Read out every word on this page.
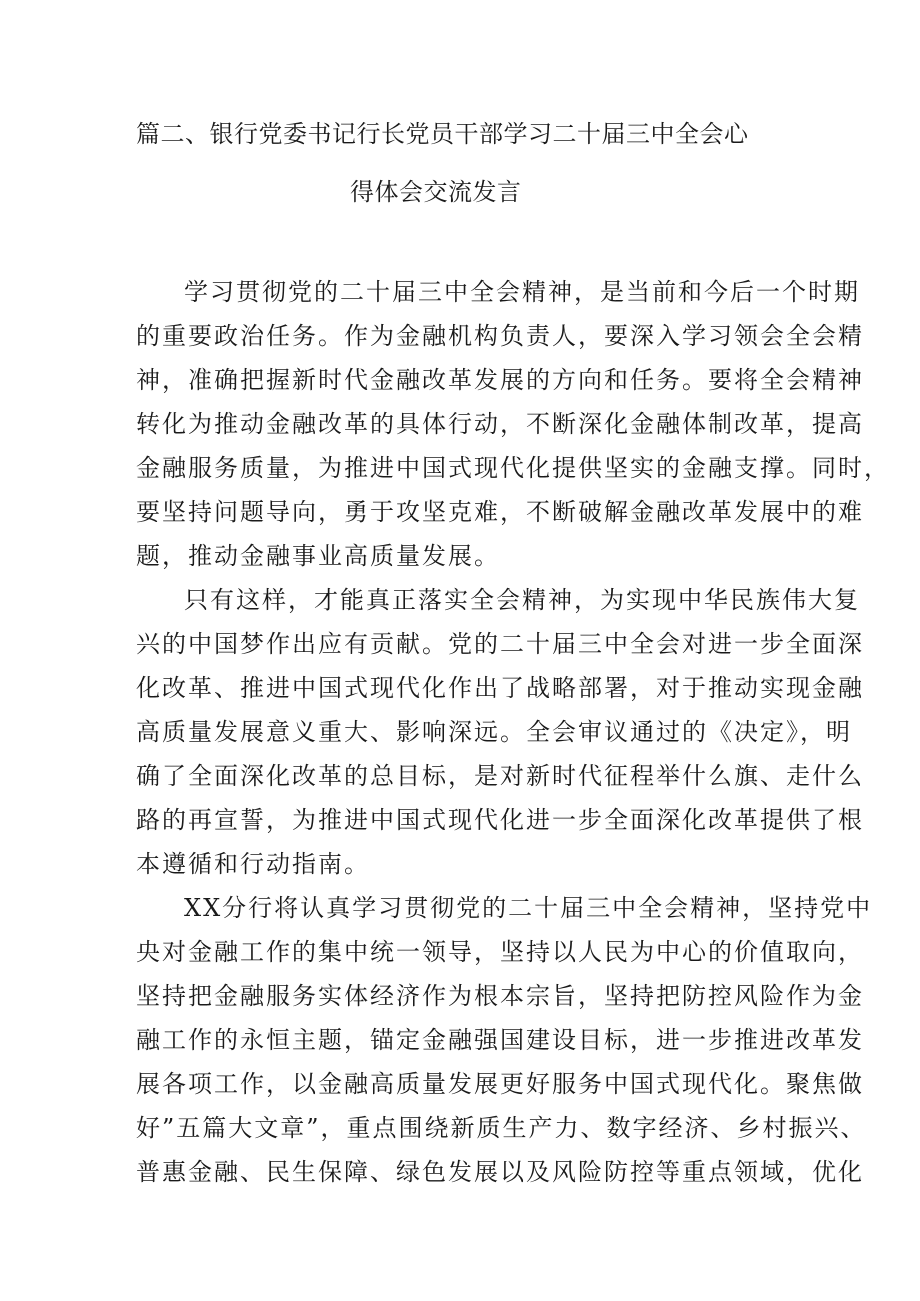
篇二、银行党委书记行长党员干部学习二十届三中全会心
得体会交流发言
学习贯彻党的二十届三中全会精神，是当前和今后一个时期
的重要政治任务。作为金融机构负责人，要深入学习领会全会精
神，准确把握新时代金融改革发展的方向和任务。要将全会精神
转化为推动金融改革的具体行动，不断深化金融体制改革，提高
金融服务质量，为推进中国式现代化提供坚实的金融支撑。同时，
要坚持问题导向，勇于攻坚克难，不断破解金融改革发展中的难
题，推动金融事业高质量发展。
只有这样，才能真正落实全会精神，为实现中华民族伟大复
兴的中国梦作出应有贡献。党的二十届三中全会对进一步全面深
化改革、推进中国式现代化作出了战略部署，对于推动实现金融
高质量发展意义重大、影响深远。全会审议通过的《决定》，明
确了全面深化改革的总目标，是对新时代征程举什么旗、走什么
路的再宣誓，为推进中国式现代化进一步全面深化改革提供了根
本遵循和行动指南。
XX分行将认真学习贯彻党的二十届三中全会精神，坚持党中
央对金融工作的集中统一领导，坚持以人民为中心的价值取向，
坚持把金融服务实体经济作为根本宗旨，坚持把防控风险作为金
融工作的永恒主题，锚定金融强国建设目标，进一步推进改革发
展各项工作，以金融高质量发展更好服务中国式现代化。聚焦做
好”五篇大文章”，重点围绕新质生产力、数字经济、乡村振兴、
普惠金融、民生保障、绿色发展以及风险防控等重点领域，优化
